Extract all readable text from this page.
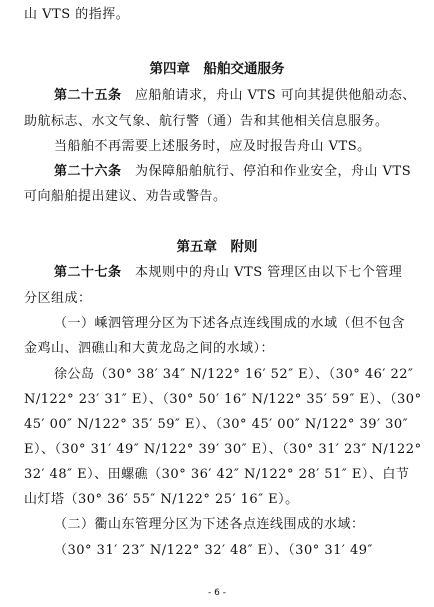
山 VTS 的指挥。
第四章　船舶交通服务
第二十五条　应船舶请求，舟山 VTS 可向其提供他船动态、
助航标志、水文气象、航行警（通）告和其他相关信息服务。
当船舶不再需要上述服务时，应及时报告舟山 VTS。
第二十六条　为保障船舶航行、停泊和作业安全，舟山 VTS
可向船舶提出建议、劝告或警告。
第五章　附则
第二十七条　本规则中的舟山 VTS 管理区由以下七个管理
分区组成：
（一）嵊泗管理分区为下述各点连线围成的水域（但不包含
金鸡山、泗礁山和大黄龙岛之间的水域）：
徐公岛（30° 38′ 34″ N/122° 16′ 52″ E）、（30° 46′ 22″
N/122° 23′ 31″ E）、（30° 50′ 16″ N/122° 35′ 59″ E）、（30°
45′ 00″ N/122° 35′ 59″ E）、（30° 45′ 00″ N/122° 39′ 30″
E）、（30° 31′ 49″ N/122° 39′ 30″ E）、（30° 31′ 23″ N/122°
32′ 48″ E）、田螺礁（30° 36′ 42″ N/122° 28′ 51″ E）、白节
山灯塔（30° 36′ 55″ N/122° 25′ 16″ E）。
（二）衢山东管理分区为下述各点连线围成的水域：
（30° 31′ 23″ N/122° 32′ 48″ E）、（30° 31′ 49″
- 6 -
